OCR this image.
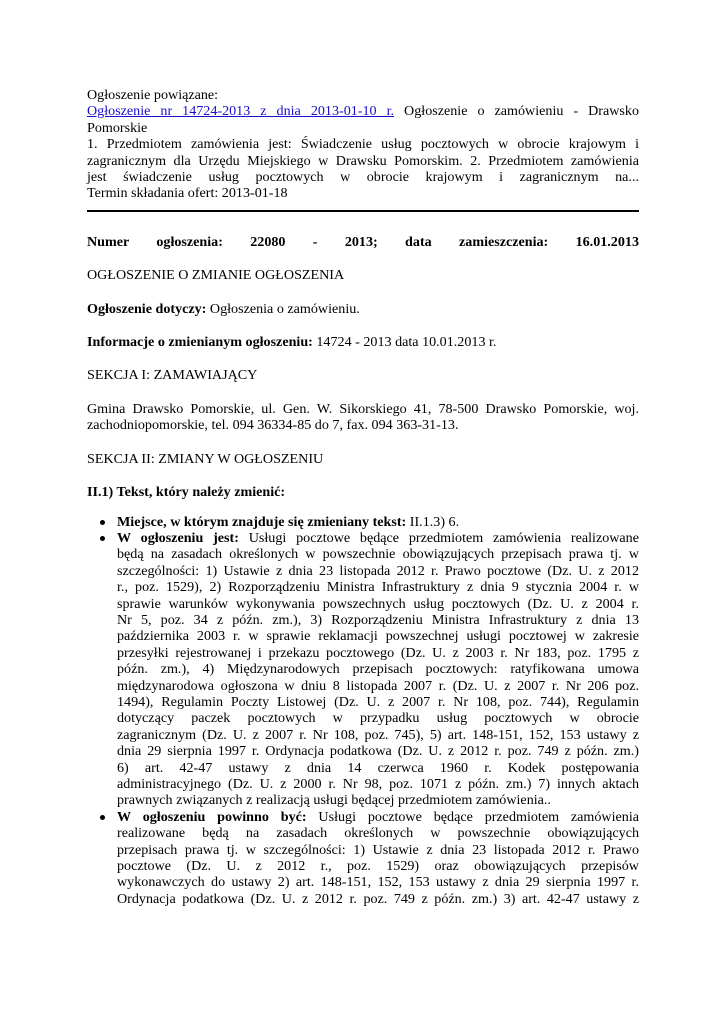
Ogłoszenie powiązane:
Ogłoszenie nr 14724-2013 z dnia 2013-01-10 r. Ogłoszenie o zamówieniu - Drawsko
Pomorskie
1. Przedmiotem zamówienia jest: Świadczenie usług pocztowych w obrocie krajowym i
zagranicznym dla Urzędu Miejskiego w Drawsku Pomorskim. 2. Przedmiotem zamówienia
jest świadczenie usług pocztowych w obrocie krajowym i zagranicznym na...
Termin składania ofert: 2013-01-18

Numer ogłoszenia: 22080 - 2013; data zamieszczenia: 16.01.2013

OGŁOSZENIE O ZMIANIE OGŁOSZENIA

Ogłoszenie dotyczy: Ogłoszenia o zamówieniu.

Informacje o zmienianym ogłoszeniu: 14724 - 2013 data 10.01.2013 r.

SEKCJA I: ZAMAWIAJĄCY

Gmina Drawsko Pomorskie, ul. Gen. W. Sikorskiego 41, 78-500 Drawsko Pomorskie, woj.
zachodniopomorskie, tel. 094 36334-85 do 7, fax. 094 363-31-13.

SEKCJA II: ZMIANY W OGŁOSZENIU

II.1) Tekst, który należy zmienić:

Miejsce, w którym znajduje się zmieniany tekst: II.1.3) 6.
W ogłoszeniu jest: Usługi pocztowe będące przedmiotem zamówienia realizowane
będą na zasadach określonych w powszechnie obowiązujących przepisach prawa tj. w
szczególności: 1) Ustawie z dnia 23 listopada 2012 r. Prawo pocztowe (Dz. U. z 2012
r., poz. 1529), 2) Rozporządzeniu Ministra Infrastruktury z dnia 9 stycznia 2004 r. w
sprawie warunków wykonywania powszechnych usług pocztowych (Dz. U. z 2004 r.
Nr 5, poz. 34 z późn. zm.), 3) Rozporządzeniu Ministra Infrastruktury z dnia 13
października 2003 r. w sprawie reklamacji powszechnej usługi pocztowej w zakresie
przesyłki rejestrowanej i przekazu pocztowego (Dz. U. z 2003 r. Nr 183, poz. 1795 z
późn. zm.), 4) Międzynarodowych przepisach pocztowych: ratyfikowana umowa
międzynarodowa ogłoszona w dniu 8 listopada 2007 r. (Dz. U. z 2007 r. Nr 206 poz.
1494), Regulamin Poczty Listowej (Dz. U. z 2007 r. Nr 108, poz. 744), Regulamin
dotyczący paczek pocztowych w przypadku usług pocztowych w obrocie
zagranicznym (Dz. U. z 2007 r. Nr 108, poz. 745), 5) art. 148-151, 152, 153 ustawy z
dnia 29 sierpnia 1997 r. Ordynacja podatkowa (Dz. U. z 2012 r. poz. 749 z późn. zm.)
6) art. 42-47 ustawy z dnia 14 czerwca 1960 r. Kodek postępowania
administracyjnego (Dz. U. z 2000 r. Nr 98, poz. 1071 z późn. zm.) 7) innych aktach
prawnych związanych z realizacją usługi będącej przedmiotem zamówienia..
W ogłoszeniu powinno być: Usługi pocztowe będące przedmiotem zamówienia
realizowane będą na zasadach określonych w powszechnie obowiązujących
przepisach prawa tj. w szczególności: 1) Ustawie z dnia 23 listopada 2012 r. Prawo
pocztowe (Dz. U. z 2012 r., poz. 1529) oraz obowiązujących przepisów
wykonawczych do ustawy 2) art. 148-151, 152, 153 ustawy z dnia 29 sierpnia 1997 r.
Ordynacja podatkowa (Dz. U. z 2012 r. poz. 749 z późn. zm.) 3) art. 42-47 ustawy z
